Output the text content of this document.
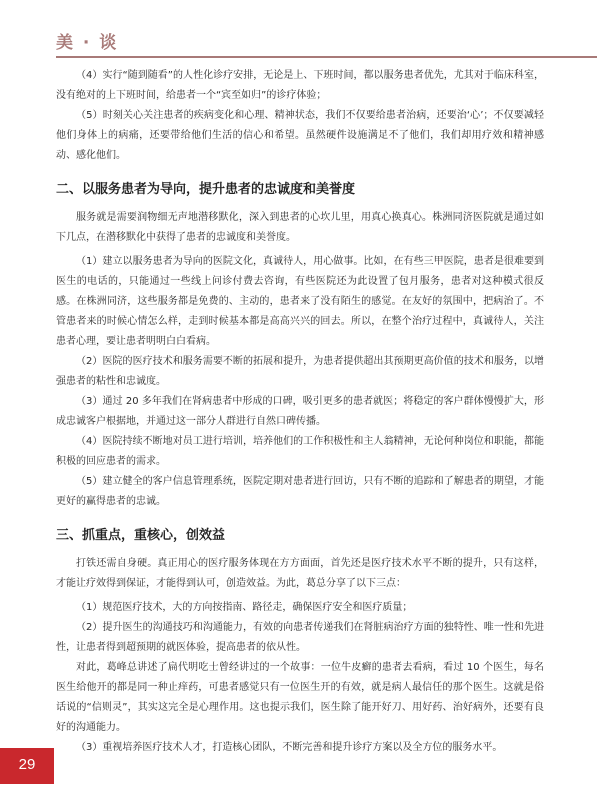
美 · 谈

（4）实行“随到随看”的人性化诊疗安排，无论是上、下班时间，都以服务患者优先，尤其对于临床科室，没有绝对的上下班时间，给患者一个“宾至如归”的诊疗体验；

（5）时刻关心关注患者的疾病变化和心理、精神状态，我们不仅要给患者治病，还要治‘心’；不仅要减轻他们身体上的病痛，还要带给他们生活的信心和希望。虽然硬件设施满足不了他们，我们却用疗效和精神感动、感化他们。

二、以服务患者为导向，提升患者的忠诚度和美誉度

服务就是需要润物细无声地潜移默化，深入到患者的心坎儿里，用真心换真心。株洲同济医院就是通过如下几点，在潜移默化中获得了患者的忠诚度和美誉度。

（1）建立以服务患者为导向的医院文化，真诚待人，用心做事。比如，在有些三甲医院，患者是很难要到医生的电话的，只能通过一些线上问诊付费去咨询，有些医院还为此设置了包月服务，患者对这种模式很反感。在株洲同济，这些服务都是免费的、主动的，患者来了没有陌生的感觉。在友好的氛围中，把病治了。不管患者来的时候心情怎么样，走到时候基本都是高高兴兴的回去。所以，在整个治疗过程中，真诚待人，关注患者心理，要让患者明明白白看病。

（2）医院的医疗技术和服务需要不断的拓展和提升，为患者提供超出其预期更高价值的技术和服务，以增强患者的粘性和忠诚度。

（3）通过 20 多年我们在肾病患者中形成的口碑，吸引更多的患者就医；将稳定的客户群体慢慢扩大，形成忠诚客户根据地，并通过这一部分人群进行自然口碑传播。

（4）医院持续不断地对员工进行培训，培养他们的工作积极性和主人翁精神，无论何种岗位和职能，都能积极的回应患者的需求。

（5）建立健全的客户信息管理系统，医院定期对患者进行回访，只有不断的追踪和了解患者的期望，才能更好的赢得患者的忠诚。

三、抓重点，重核心，创效益

打铁还需自身硬。真正用心的医疗服务体现在方方面面，首先还是医疗技术水平不断的提升，只有这样，才能让疗效得到保证，才能得到认可，创造效益。为此，葛总分享了以下三点：

（1）规范医疗技术，大的方向按指南、路径走，确保医疗安全和医疗质量；

（2）提升医生的沟通技巧和沟通能力，有效的向患者传递我们在肾脏病治疗方面的独特性、唯一性和先进性，让患者得到超预期的就医体验，提高患者的依从性。

对此，葛峰总讲述了扁代明吃士曾经讲过的一个故事：一位牛皮癣的患者去看病，看过 10 个医生，每名医生给他开的都是同一种止痒药，可患者感觉只有一位医生开的有效，就是病人最信任的那个医生。这就是俗话说的“信则灵”，其实这完全是心理作用。这也提示我们，医生除了能开好刀、用好药、治好病外，还要有良好的沟通能力。

（3）重视培养医疗技术人才，打造核心团队，不断完善和提升诊疗方案以及全方位的服务水平。

29
